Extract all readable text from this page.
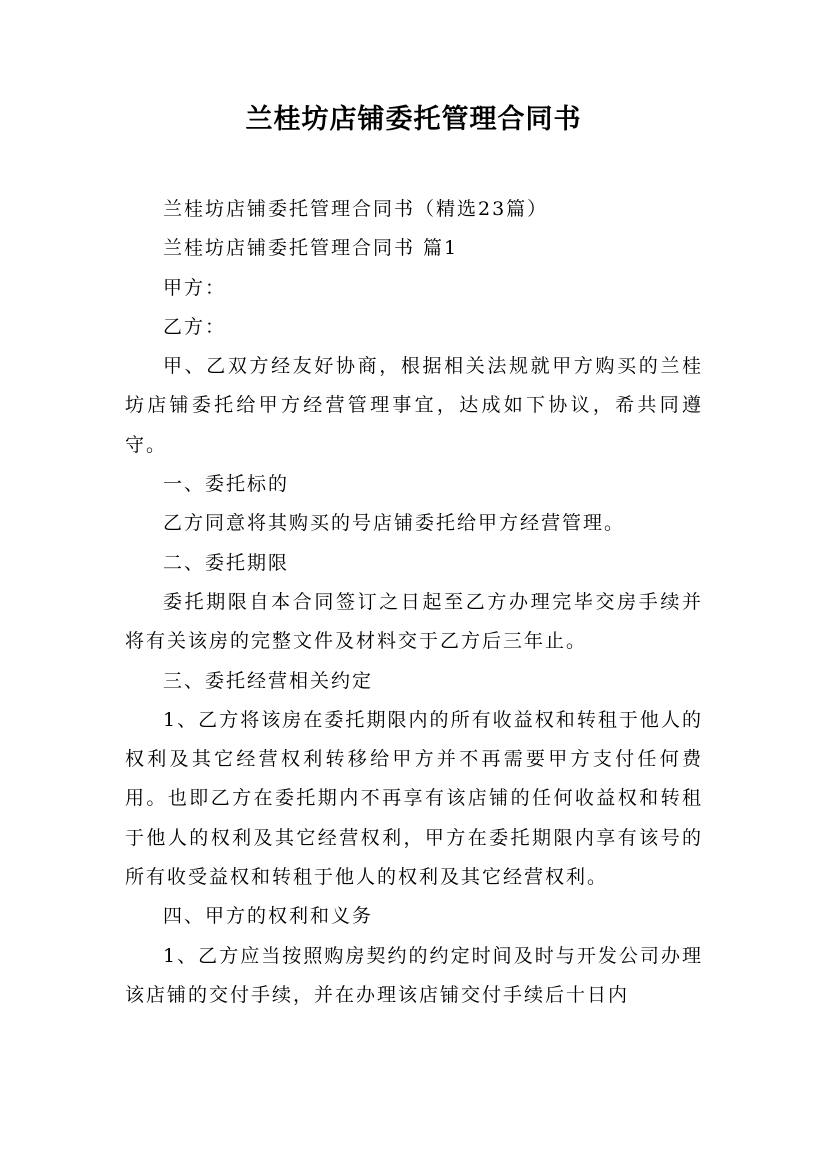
兰桂坊店铺委托管理合同书

兰桂坊店铺委托管理合同书（精选23篇）

兰桂坊店铺委托管理合同书 篇1

甲方：

乙方：

甲、乙双方经友好协商，根据相关法规就甲方购买的兰桂坊店铺委托给甲方经营管理事宜，达成如下协议，希共同遵守。

一、委托标的

乙方同意将其购买的号店铺委托给甲方经营管理。

二、委托期限

委托期限自本合同签订之日起至乙方办理完毕交房手续并将有关该房的完整文件及材料交于乙方后三年止。

三、委托经营相关约定

1、乙方将该房在委托期限内的所有收益权和转租于他人的权利及其它经营权利转移给甲方并不再需要甲方支付任何费用。也即乙方在委托期内不再享有该店铺的任何收益权和转租于他人的权利及其它经营权利，甲方在委托期限内享有该号的所有收受益权和转租于他人的权利及其它经营权利。

四、甲方的权利和义务

1、乙方应当按照购房契约的约定时间及时与开发公司办理该店铺的交付手续，并在办理该店铺交付手续后十日内
